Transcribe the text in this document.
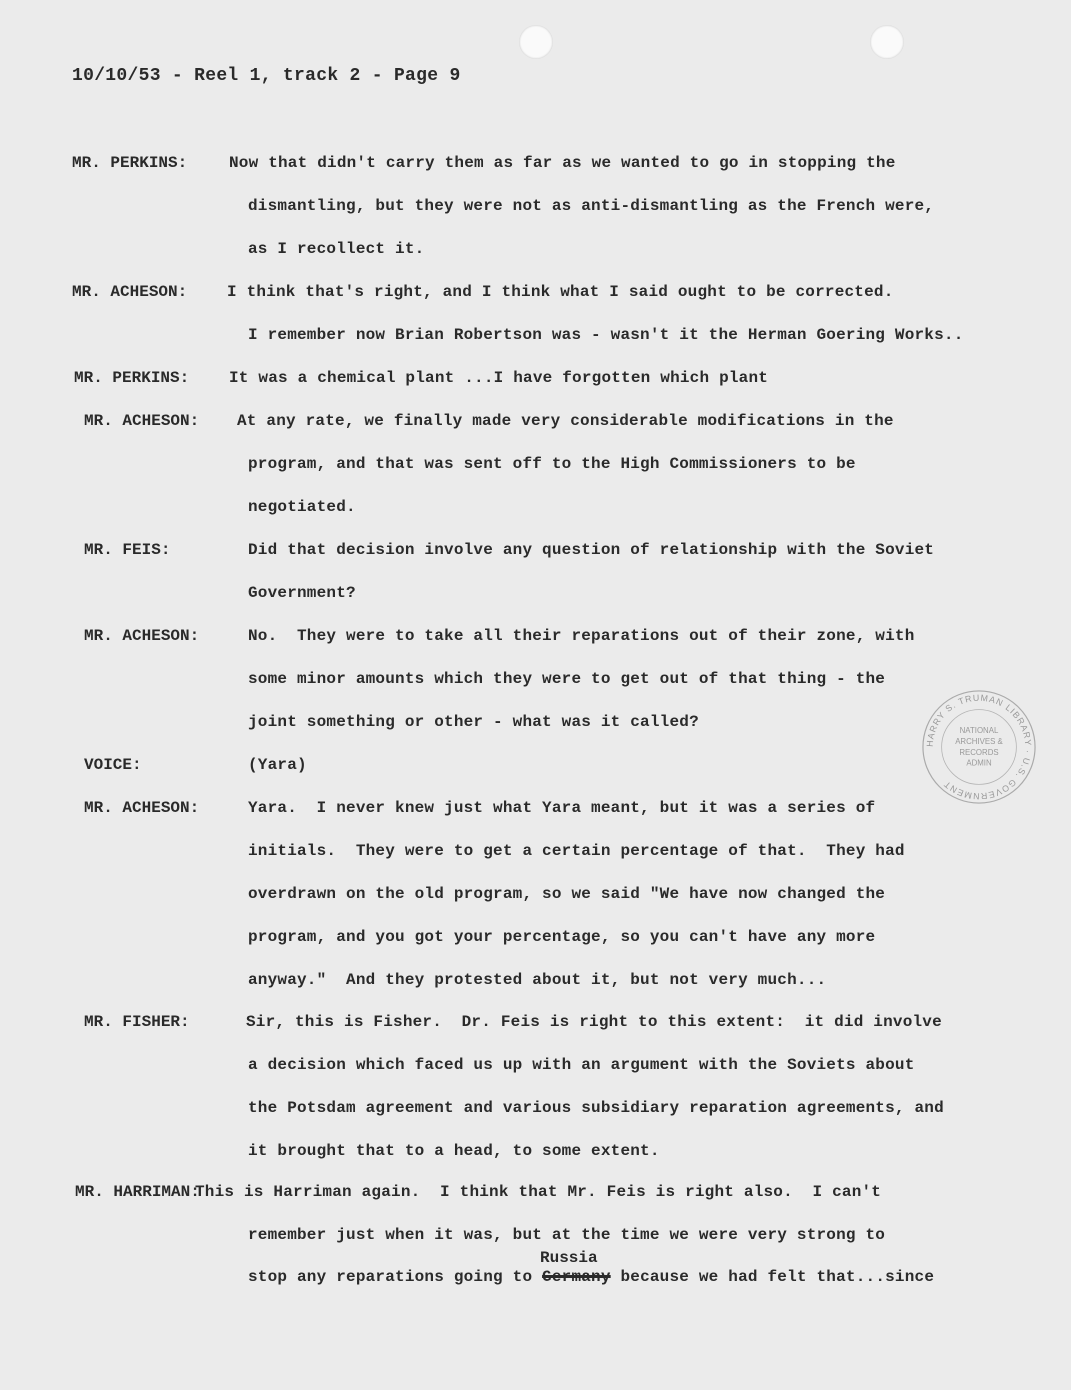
10/10/53 - Reel 1, track 2 - Page 9
MR. PERKINS:	Now that didn't carry them as far as we wanted to go in stopping the
dismantling, but they were not as anti-dismantling as the French were,
as I recollect it.
MR. ACHESON: I think that's right, and I think what I said ought to be corrected.
I remember now Brian Robertson was - wasn't it the Herman Goering Works..
MR. PERKINS: It was a chemical plant ...I have forgotten which plant
MR. ACHESON: At any rate, we finally made very considerable modifications in the
program, and that was sent off to the High Commissioners to be
negotiated.
MR. FEIS:	Did that decision involve any question of relationship with the Soviet
Government?
MR. ACHESON:	No.  They were to take all their reparations out of their zone, with
some minor amounts which they were to get out of that thing - the
joint something or other - what was it called?
VOICE:	(Yara)
MR. ACHESON:	Yara.  I never knew just what Yara meant, but it was a series of
initials.  They were to get a certain percentage of that.  They had
overdrawn on the old program, so we said "We have now changed the
program, and you got your percentage, so you can't have any more
anyway."  And they protested about it, but not very much...
MR. FISHER:	Sir, this is Fisher.  Dr. Feis is right to this extent:  it did involve
a decision which faced us up with an argument with the Soviets about
the Potsdam agreement and various subsidiary reparation agreements, and
it brought that to a head, to some extent.
This is Harriman again.  I think that Mr. Feis is right also.  I can't
remember just when it was, but at the time we were very strong to
MR. HARRIMAN:
Russia
stop any reparations going to Germany because we had felt that...since
HARRY S. TRUMAN LIBRARY · U.S. GOVERNMENT
NATIONAL
ARCHIVES &
RECORDS
ADMIN
